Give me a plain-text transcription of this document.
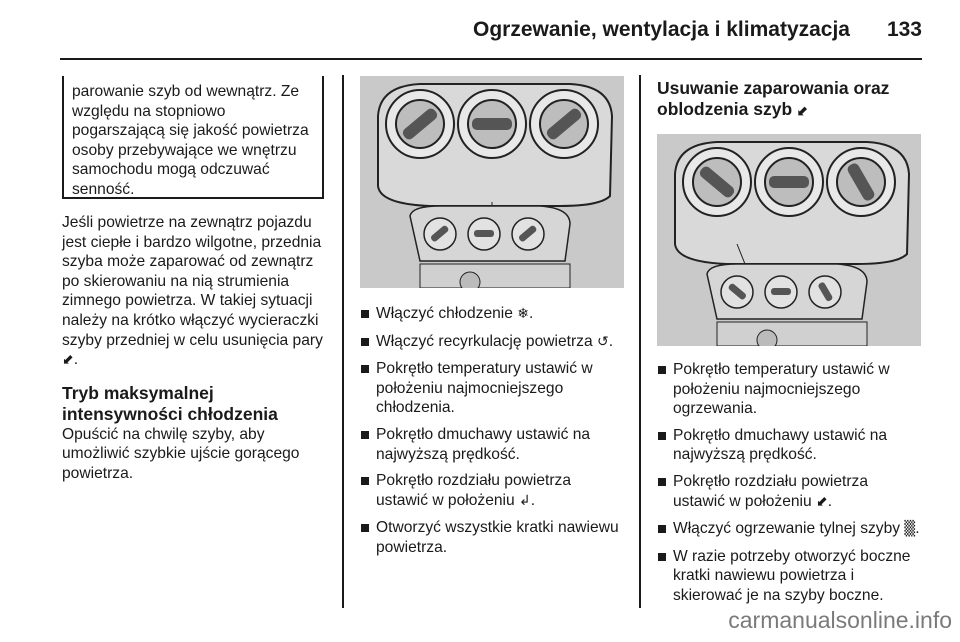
Ogrzewanie, wentylacja i klimatyzacja 133

parowanie szyb od wewnątrz. Ze względu na stopniowo pogarszającą się jakość powietrza osoby przebywające we wnętrzu samochodu mogą odczuwać senność.

Jeśli powietrze na zewnątrz pojazdu jest ciepłe i bardzo wilgotne, przednia szyba może zaparować od zewnątrz po skierowaniu na nią strumienia zimnego powietrza. W takiej sytuacji należy na krótko włączyć wycieraczki szyby przedniej w celu usunięcia pary ⬋.

Tryb maksymalnej intensywności chłodzenia

Opuścić na chwilę szyby, aby umożliwić szybkie ujście gorącego powietrza.

Włączyć chłodzenie ❄.
Włączyć recyrkulację powietrza ↺.
Pokrętło temperatury ustawić w położeniu najmocniejszego chłodzenia.
Pokrętło dmuchawy ustawić na najwyższą prędkość.
Pokrętło rozdziału powietrza ustawić w położeniu ↲.
Otworzyć wszystkie kratki nawiewu powietrza.
Usuwanie zaparowania oraz oblodzenia szyb ⬋
Pokrętło temperatury ustawić w położeniu najmocniejszego ogrzewania.
Pokrętło dmuchawy ustawić na najwyższą prędkość.
Pokrętło rozdziału powietrza ustawić w położeniu ⬋.
Włączyć ogrzewanie tylnej szyby ▒.
W razie potrzeby otworzyć boczne kratki nawiewu powietrza i skierować je na szyby boczne.
carmanualsonline.info
